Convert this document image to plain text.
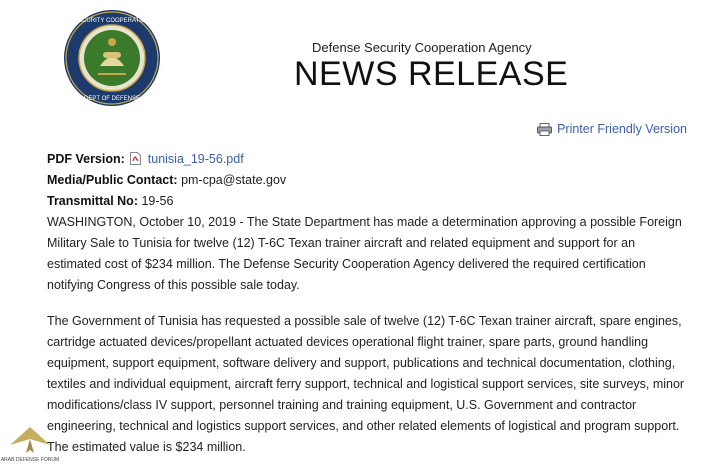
SECURITY COOPERATION
DEPT OF DEFENSE
Defense Security Cooperation Agency
NEWS RELEASE
Printer Friendly Version
PDF Version: tunisia_19-56.pdf
Media/Public Contact: pm-cpa@state.gov
Transmittal No: 19-56
WASHINGTON, October 10, 2019 - The State Department has made a determination approving a possible Foreign Military Sale to Tunisia for twelve (12) T-6C Texan trainer aircraft and related equipment and support for an estimated cost of $234 million. The Defense Security Cooperation Agency delivered the required certification notifying Congress of this possible sale today.
The Government of Tunisia has requested a possible sale of twelve (12) T-6C Texan trainer aircraft, spare engines, cartridge actuated devices/propellant actuated devices operational flight trainer, spare parts, ground handling equipment, support equipment, software delivery and support, publications and technical documentation, clothing, textiles and individual equipment, aircraft ferry support, technical and logistical support services, site surveys, minor modifications/class IV support, personnel training and training equipment, U.S. Government and contractor engineering, technical and logistics support services, and other related elements of logistical and program support. The estimated value is $234 million.
ARAB DEFENSE FORUM
